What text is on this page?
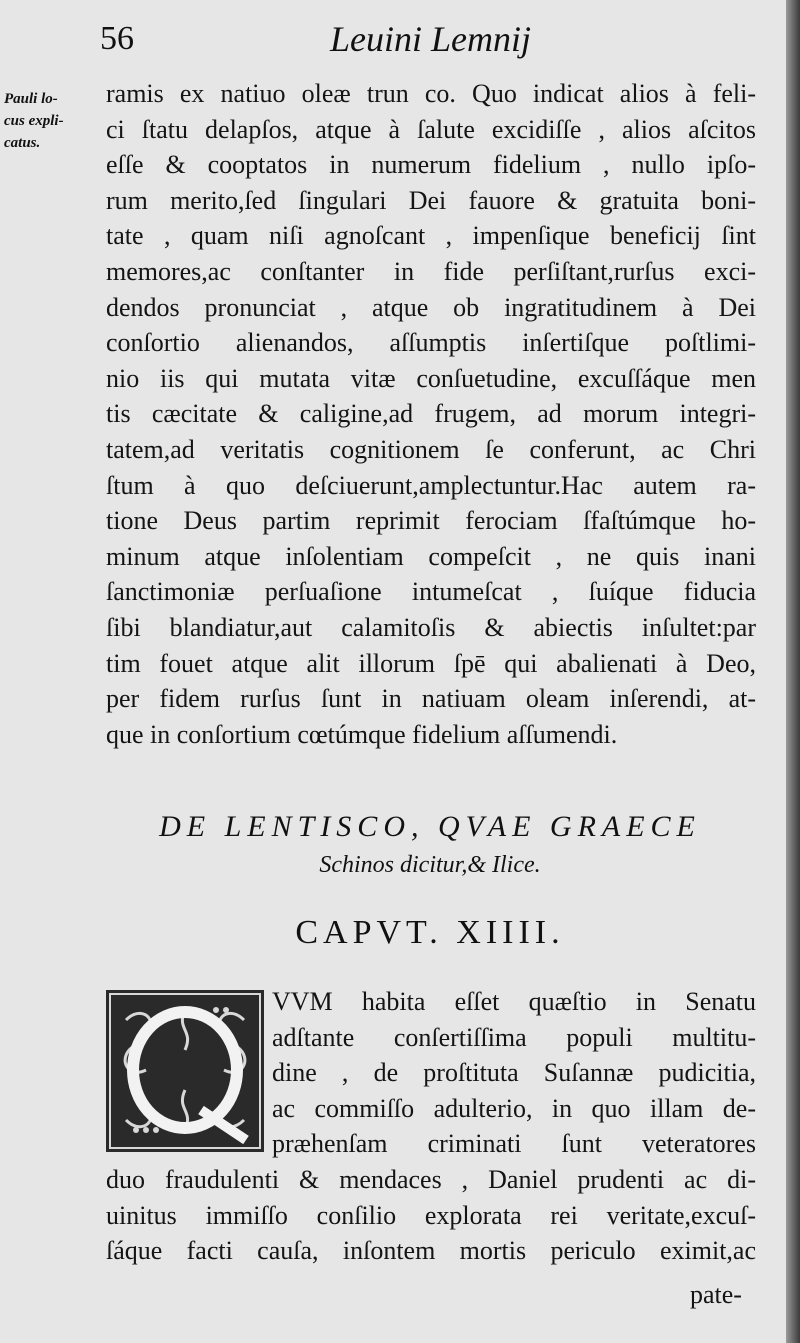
56	Leuini Lemnij
Pauli lo-
cus expli-
catus.
ramis ex natiuo oleæ trun co. Quo indicat alios à feli-
ci ſtatu delapſos, atque à ſalute excidiſſe , alios aſcitos
eſſe & cooptatos in numerum fidelium , nullo ipſo-
rum merito,ſed ſingulari Dei fauore & gratuita boni-
tate , quam niſi agnoſcant , impenſique beneficij ſint
memores,ac conſtanter in fide perſiſtant,rurſus exci-
dendos pronunciat , atque ob ingratitudinem à Dei
conſortio alienandos, aſſumptis inſertiſque poſtlimi-
nio iis qui mutata vitæ conſuetudine, excuſſáque men
tis cæcitate & caligine,ad frugem, ad morum integri-
tatem,ad veritatis cognitionem ſe conferunt, ac Chri
ſtum à quo deſciuerunt,amplectuntur.Hac autem ra-
tione Deus partim reprimit ferociam ſfaſtúmque ho-
minum atque inſolentiam compeſcit , ne quis inani
ſanctimoniæ perſuaſione intumeſcat , ſuíque fiducia
ſibi blandiatur,aut calamitoſis & abiectis inſultet:par
tim fouet atque alit illorum ſpē qui abalienati à Deo,
per fidem rurſus ſunt in natiuam oleam inſerendi, at-
que in conſortium cœtúmque fidelium aſſumendi.
DE LENTISCO, QVAE GRAECE
Schinos dicitur,& Ilice.
CAPVT. XIIII.
VVM habita eſſet quæſtio in Senatu
adſtante conſertiſſima populi multitu-
dine , de proſtituta Suſannæ pudicitia,
ac commiſſo adulterio, in quo illam de-
præhenſam criminati ſunt veteratores
duo fraudulenti & mendaces , Daniel prudenti ac di-
uinitus immiſſo conſilio explorata rei veritate,excuſ-
ſáque facti cauſa, inſontem mortis periculo eximit,ac
pate-
